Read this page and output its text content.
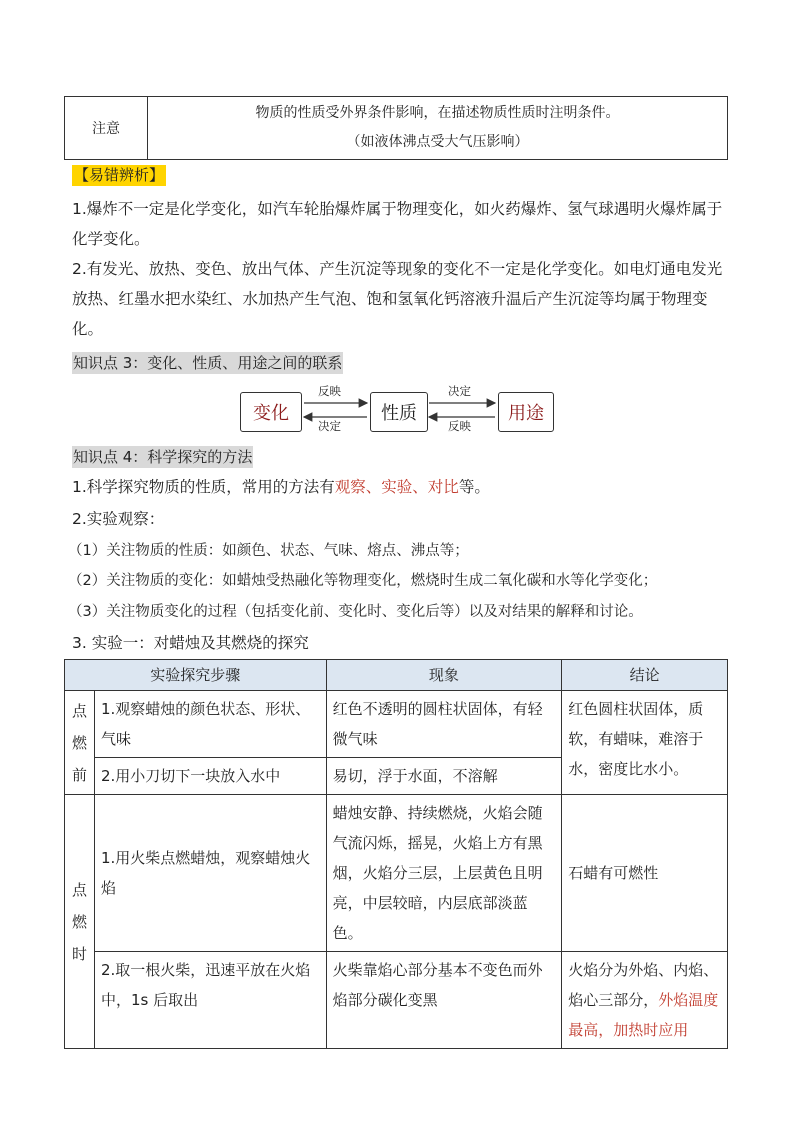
注意	
物质的性质受外界条件影响，在描述物质性质时注明条件。
（如液体沸点受大气压影响）
【易错辨析】
1.爆炸不一定是化学变化，如汽车轮胎爆炸属于物理变化，如火药爆炸、氢气球遇明火爆炸属于化学变化。
2.有发光、放热、变色、放出气体、产生沉淀等现象的变化不一定是化学变化。如电灯通电发光放热、红墨水把水染红、水加热产生气泡、饱和氢氧化钙溶液升温后产生沉淀等均属于物理变化。
知识点 3：变化、性质、用途之间的联系
变化	性质	用途
反映
决定
决定
反映
知识点 4：科学探究的方法
1.科学探究物质的性质，常用的方法有观察、实验、对比等。
2.实验观察：
（1）关注物质的性质：如颜色、状态、气味、熔点、沸点等；
（2）关注物质的变化：如蜡烛受热融化等物理变化，燃烧时生成二氧化碳和水等化学变化；
（3）关注物质变化的过程（包括变化前、变化时、变化后等）以及对结果的解释和讨论。
3. 实验一：对蜡烛及其燃烧的探究
实验探究步骤		现象	结论
点燃前	1.观察蜡烛的颜色状态、形状、气味	红色不透明的圆柱状固体，有轻微气味	红色圆柱状固体，质软，有蜡味，难溶于水，密度比水小。
	2.用小刀切下一块放入水中	易切，浮于水面，不溶解	
点燃时	1.用火柴点燃蜡烛，观察蜡烛火焰	蜡烛安静、持续燃烧，火焰会随气流闪烁，摇晃，火焰上方有黑烟，火焰分三层，上层黄色且明亮，中层较暗，内层底部淡蓝色。	石蜡有可燃性
	2.取一根火柴，迅速平放在火焰中，1s 后取出	火柴靠焰心部分基本不变色而外焰部分碳化变黑	火焰分为外焰、内焰、焰心三部分，外焰温度最高，加热时应用
